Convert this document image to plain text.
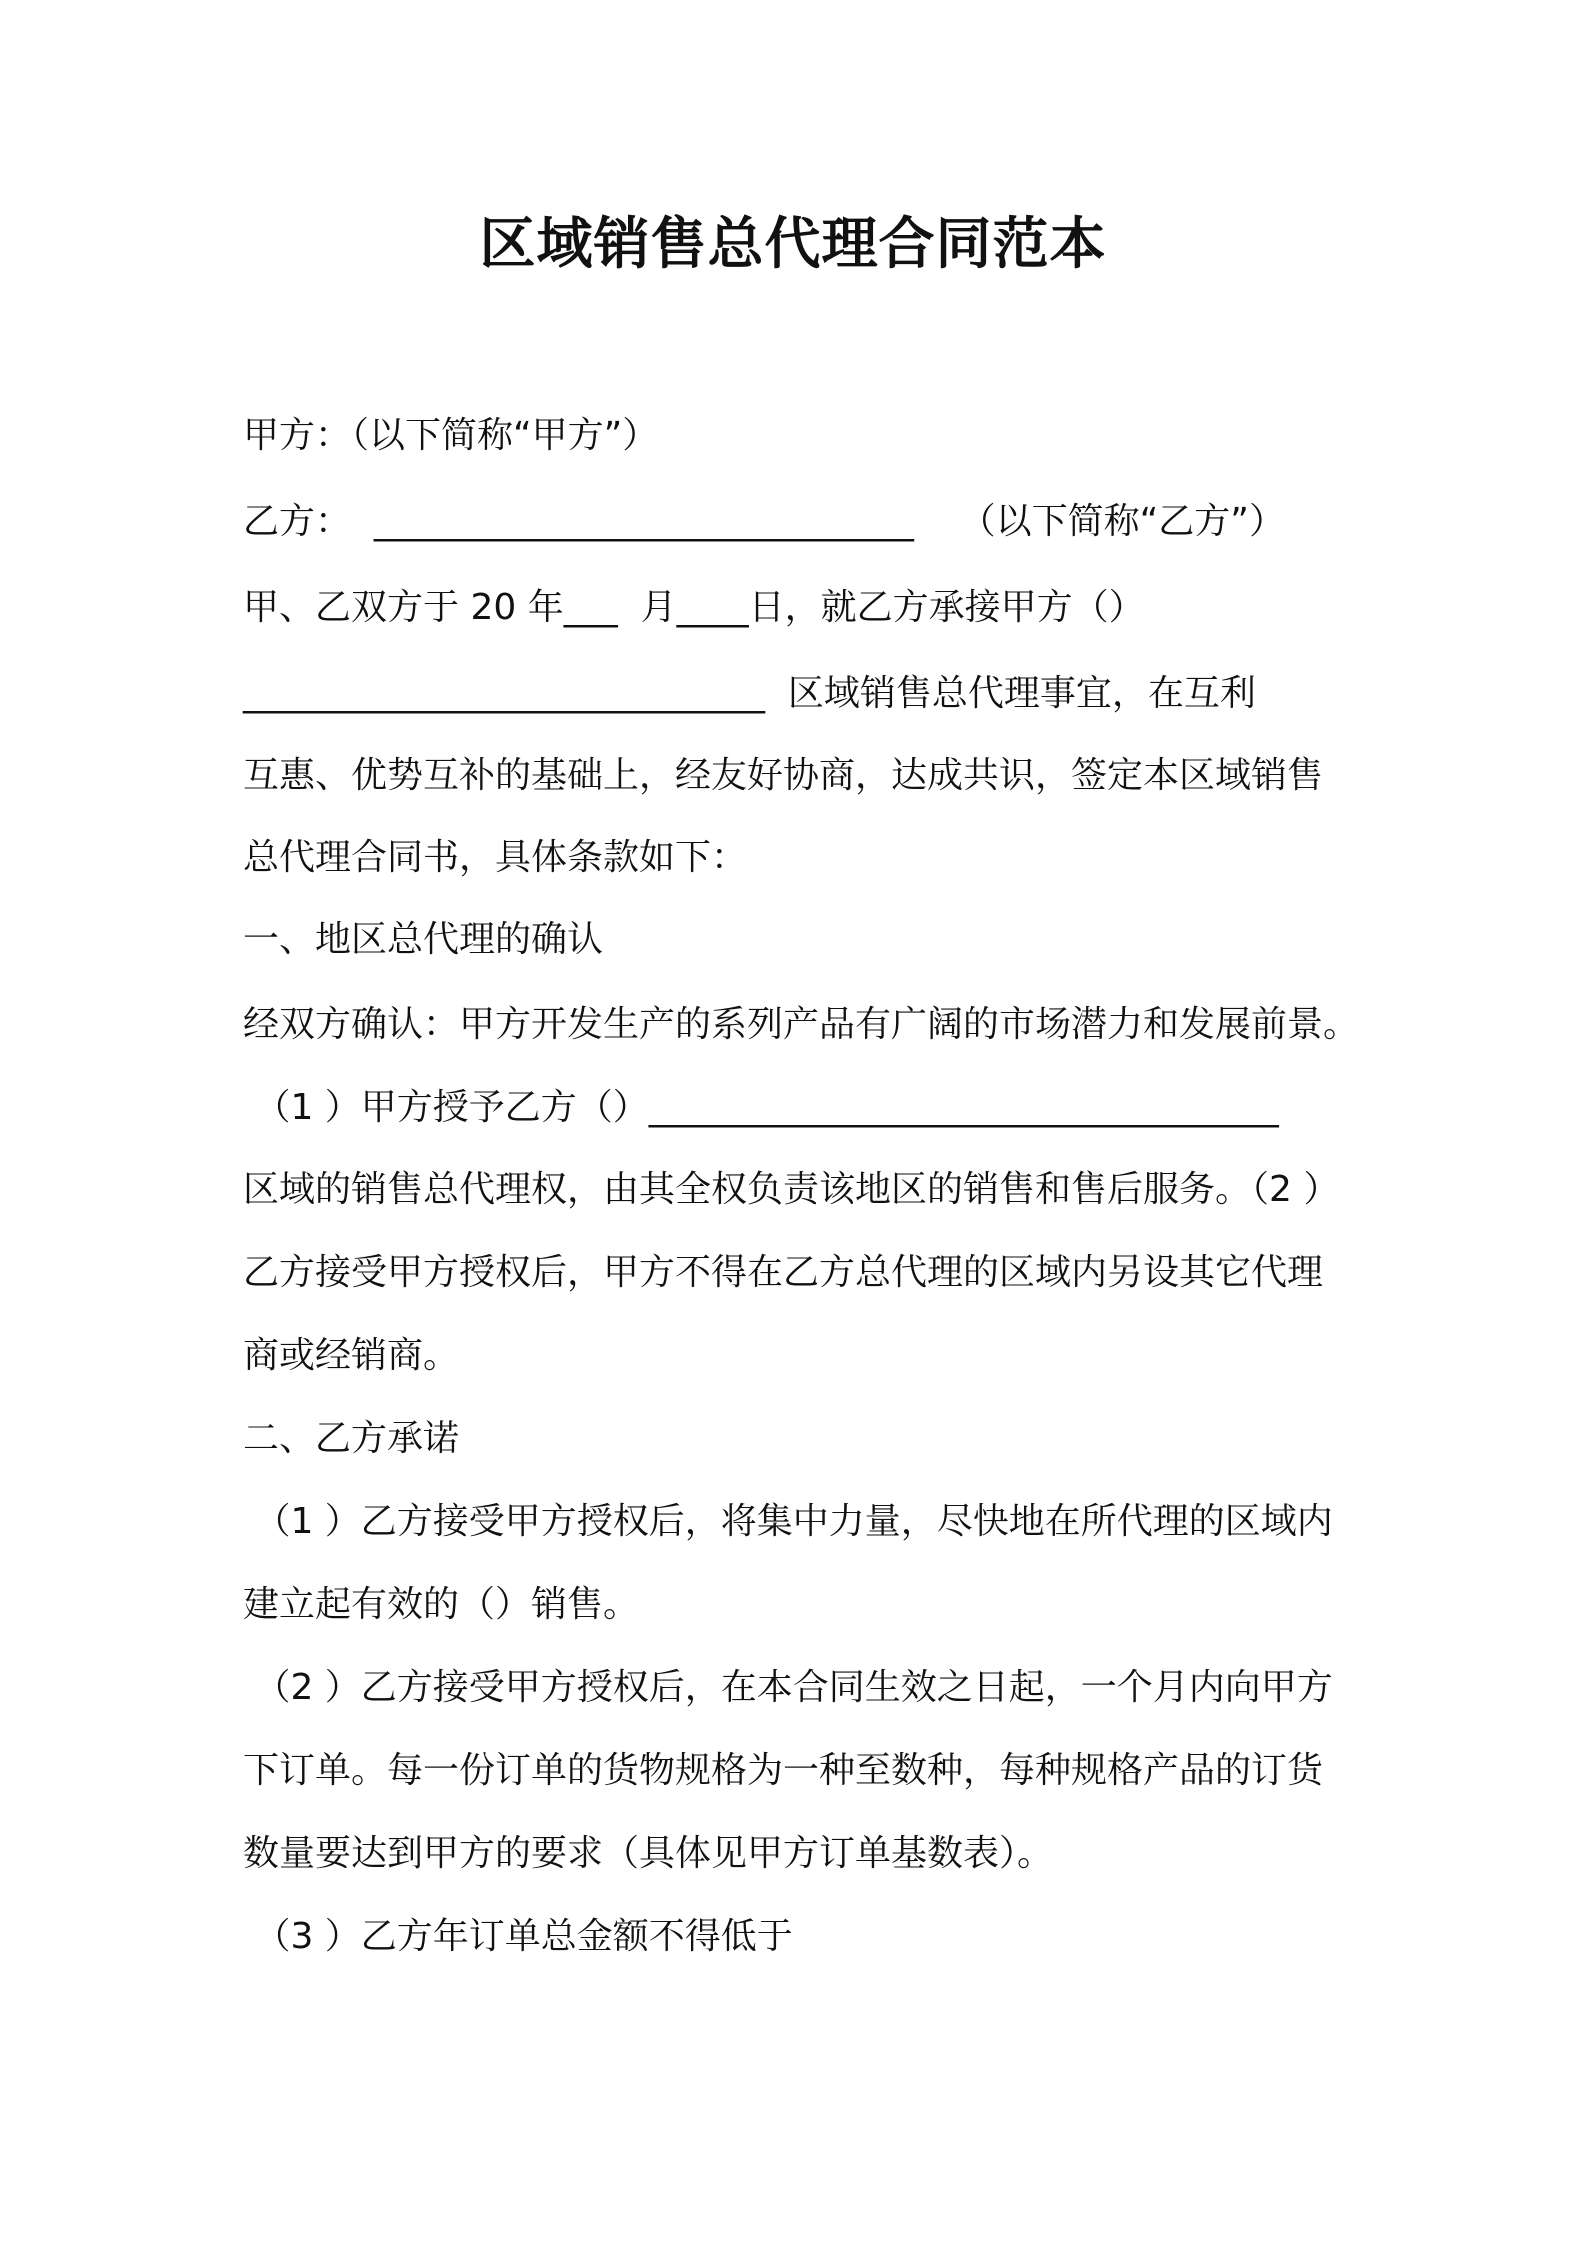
区域销售总代理合同范本

甲方：（以下简称“甲方”）

乙方：  ______________________________    （以下简称“乙方”）

甲、乙双方于 20 年___  月____日，就乙方承接甲方（）

_____________________________  区域销售总代理事宜，在互利

互惠、优势互补的基础上，经友好协商，达成共识，签定本区域销售

总代理合同书，具体条款如下：

一、地区总代理的确认

经双方确认：甲方开发生产的系列产品有广阔的市场潜力和发展前景。

（1 ）甲方授予乙方（）___________________________________

区域的销售总代理权，由其全权负责该地区的销售和售后服务。（2 ）

乙方接受甲方授权后，甲方不得在乙方总代理的区域内另设其它代理

商或经销商。

二、乙方承诺

（1 ）乙方接受甲方授权后，将集中力量，尽快地在所代理的区域内

建立起有效的（）销售。

（2 ）乙方接受甲方授权后，在本合同生效之日起，一个月内向甲方

下订单。每一份订单的货物规格为一种至数种，每种规格产品的订货

数量要达到甲方的要求（具体见甲方订单基数表）。

（3 ）乙方年订单总金额不得低于
